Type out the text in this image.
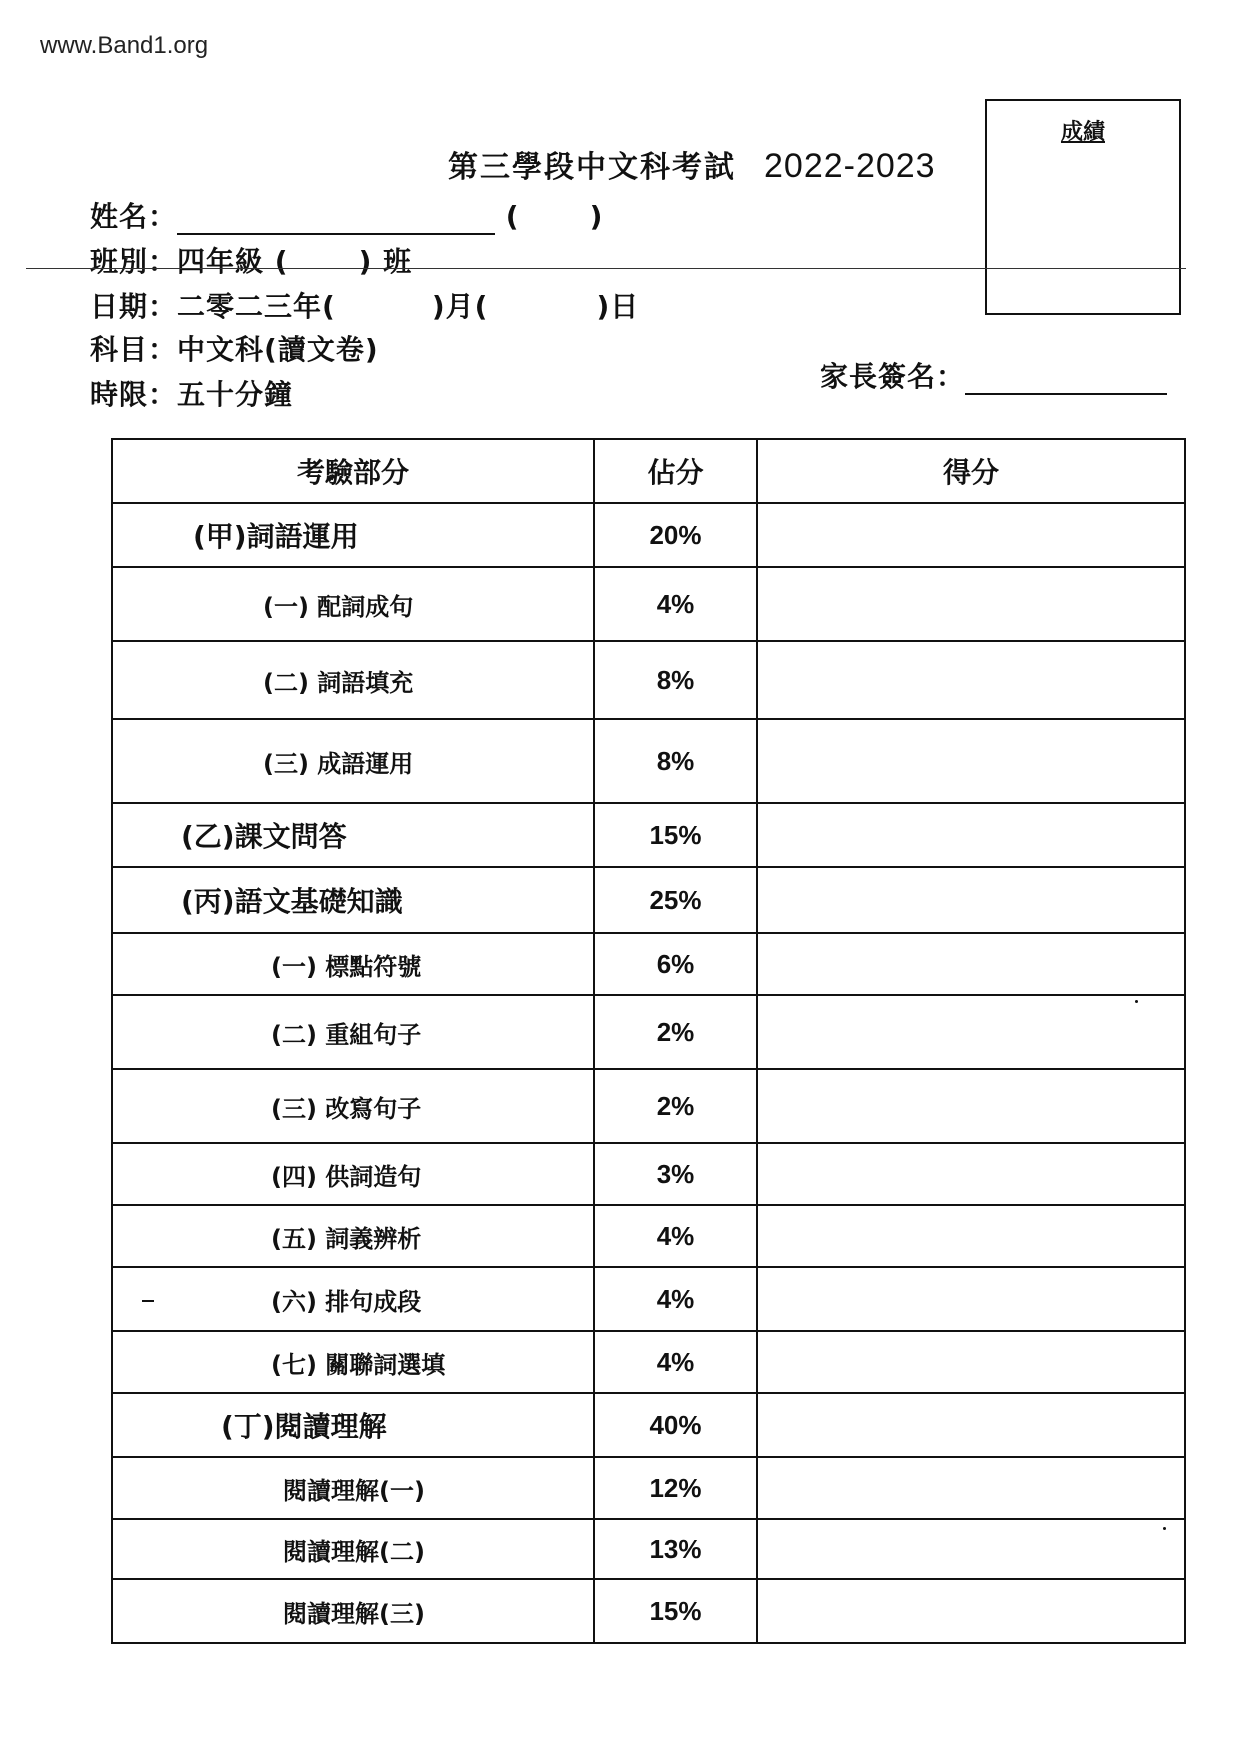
www.Band1.org
第三學段中文科考試 2022-2023
成績
姓名：	(	)
班別：四年級 (	) 班
日期：二零二三年(	)月(	)日
科目：中文科(讀文卷)
時限：五十分鐘
家長簽名：
考驗部分	佔分	得分
(甲)詞語運用	20%	
(一) 配詞成句	4%	
(二) 詞語填充	8%	
(三) 成語運用	8%	
(乙)課文問答	15%	
(丙)語文基礎知識	25%	
(一) 標點符號	6%	
(二) 重組句子	2%	
(三) 改寫句子	2%	
(四) 供詞造句	3%	
(五) 詞義辨析	4%	
(六) 排句成段	4%	
(七) 關聯詞選填	4%	
(丁)閱讀理解	40%	
閱讀理解(一)	12%	
閱讀理解(二)	13%	
閱讀理解(三)	15%	
